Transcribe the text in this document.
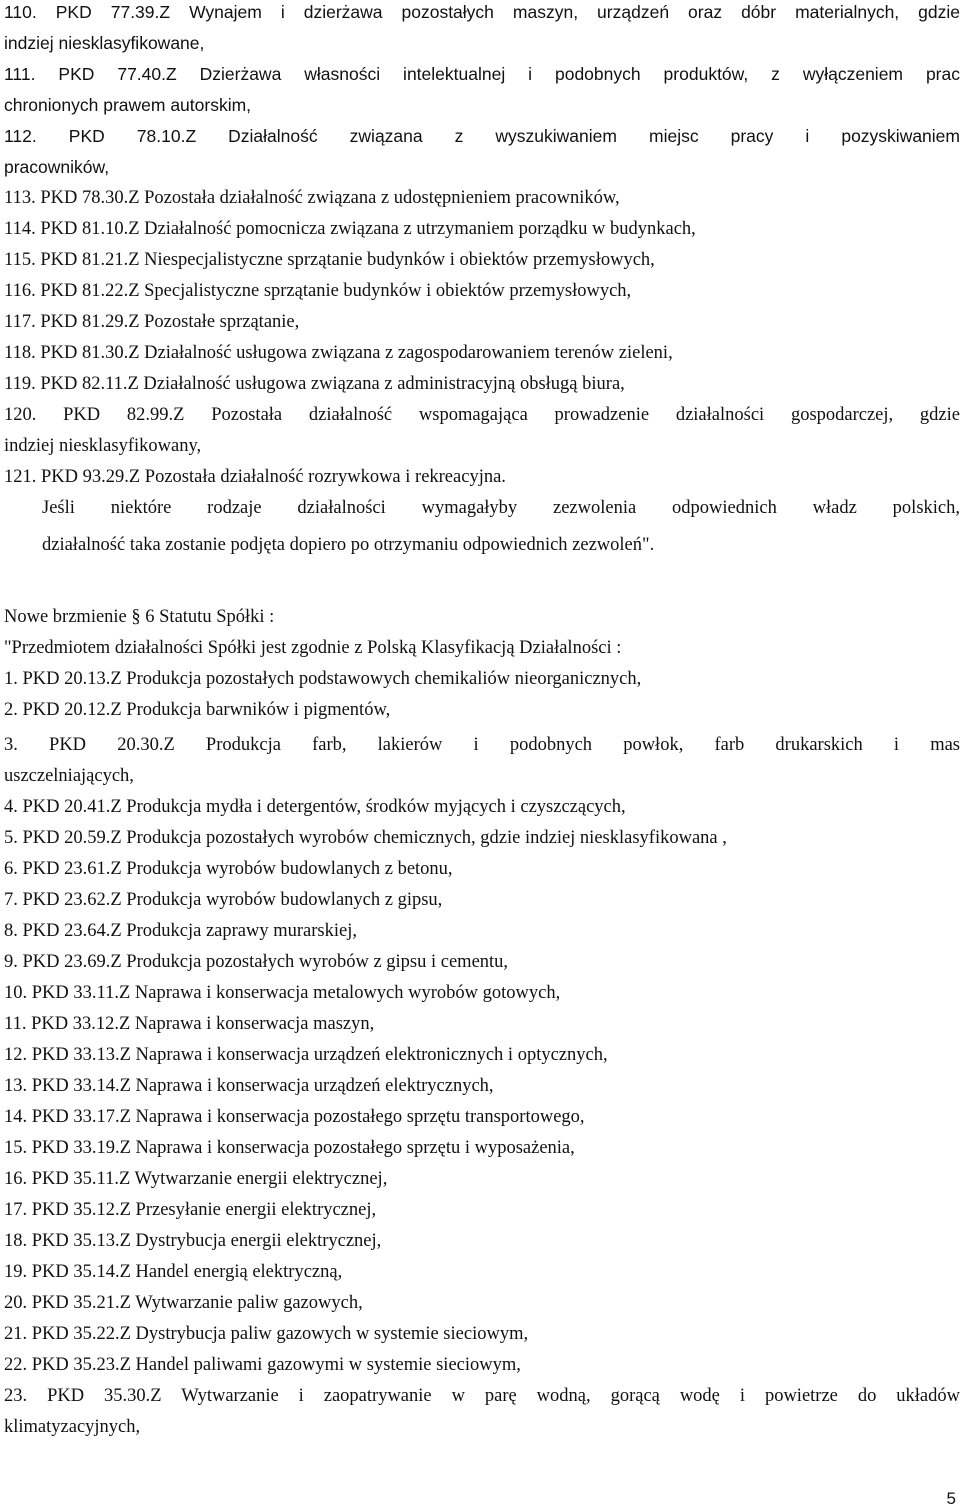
110. PKD 77.39.Z Wynajem i dzierżawa pozostałych maszyn, urządzeń oraz dóbr materialnych, gdzie
indziej niesklasyfikowane,
111. PKD 77.40.Z Dzierżawa własności intelektualnej i podobnych produktów, z wyłączeniem prac
chronionych prawem autorskim,
112. PKD 78.10.Z Działalność związana z wyszukiwaniem miejsc pracy i pozyskiwaniem
pracowników,
113. PKD 78.30.Z Pozostała działalność związana z udostępnieniem pracowników,
114. PKD 81.10.Z Działalność pomocnicza związana z utrzymaniem porządku w budynkach,
115. PKD 81.21.Z Niespecjalistyczne sprzątanie budynków i obiektów przemysłowych,
116. PKD 81.22.Z Specjalistyczne sprzątanie budynków i obiektów przemysłowych,
117. PKD 81.29.Z Pozostałe sprzątanie,
118. PKD 81.30.Z Działalność usługowa związana z zagospodarowaniem terenów zieleni,
119. PKD 82.11.Z Działalność usługowa związana z administracyjną obsługą biura,
120. PKD 82.99.Z Pozostała działalność wspomagająca prowadzenie działalności gospodarczej, gdzie
indziej niesklasyfikowany,
121. PKD 93.29.Z Pozostała działalność rozrywkowa i rekreacyjna.
Jeśli niektóre rodzaje działalności wymagałyby zezwolenia odpowiednich władz polskich,
działalność taka zostanie podjęta dopiero po otrzymaniu odpowiednich zezwoleń".
Nowe brzmienie § 6 Statutu Spółki :
"Przedmiotem działalności Spółki jest zgodnie z Polską Klasyfikacją Działalności :
1. PKD 20.13.Z Produkcja pozostałych podstawowych chemikaliów nieorganicznych,
2. PKD 20.12.Z Produkcja barwników i pigmentów,
3. PKD 20.30.Z Produkcja farb, lakierów i podobnych powłok, farb drukarskich i mas
uszczelniających,
4. PKD 20.41.Z Produkcja mydła i detergentów, środków myjących i czyszczących,
5. PKD 20.59.Z Produkcja pozostałych wyrobów chemicznych, gdzie indziej niesklasyfikowana ,
6. PKD 23.61.Z Produkcja wyrobów budowlanych z betonu,
7. PKD 23.62.Z Produkcja wyrobów budowlanych z gipsu,
8. PKD 23.64.Z Produkcja zaprawy murarskiej,
9. PKD 23.69.Z Produkcja pozostałych wyrobów z gipsu i cementu,
10. PKD 33.11.Z Naprawa i konserwacja metalowych wyrobów gotowych,
11. PKD 33.12.Z Naprawa i konserwacja maszyn,
12. PKD 33.13.Z Naprawa i konserwacja urządzeń elektronicznych i optycznych,
13. PKD 33.14.Z Naprawa i konserwacja urządzeń elektrycznych,
14. PKD 33.17.Z Naprawa i konserwacja pozostałego sprzętu transportowego,
15. PKD 33.19.Z Naprawa i konserwacja pozostałego sprzętu i wyposażenia,
16. PKD 35.11.Z Wytwarzanie energii elektrycznej,
17. PKD 35.12.Z Przesyłanie energii elektrycznej,
18. PKD 35.13.Z Dystrybucja energii elektrycznej,
19. PKD 35.14.Z Handel energią elektryczną,
20. PKD 35.21.Z Wytwarzanie paliw gazowych,
21. PKD 35.22.Z Dystrybucja paliw gazowych w systemie sieciowym,
22. PKD 35.23.Z Handel paliwami gazowymi w systemie sieciowym,
23. PKD 35.30.Z Wytwarzanie i zaopatrywanie w parę wodną, gorącą wodę i powietrze do układów
klimatyzacyjnych,
5
